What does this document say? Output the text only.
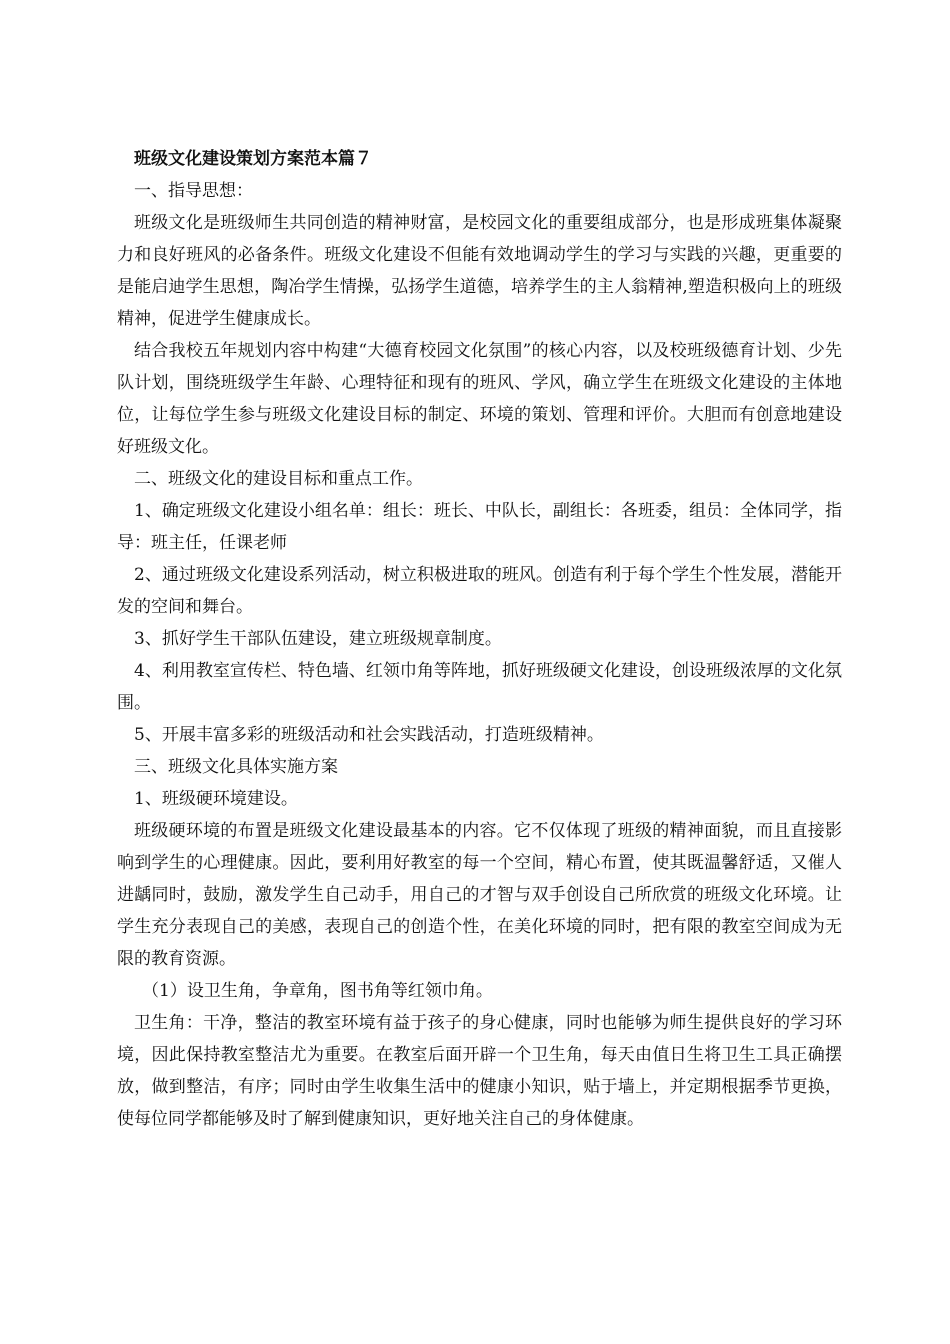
班级文化建设策划方案范本篇７

一、指导思想：

班级文化是班级师生共同创造的精神财富，是校园文化的重要组成部分，也是形成班集体凝聚力和良好班风的必备条件。班级文化建设不但能有效地调动学生的学习与实践的兴趣，更重要的是能启迪学生思想，陶冶学生情操，弘扬学生道德，培养学生的主人翁精神,塑造积极向上的班级精神，促进学生健康成长。

结合我校五年规划内容中构建“大德育校园文化氛围”的核心内容，以及校班级德育计划、少先队计划，围绕班级学生年龄、心理特征和现有的班风、学风，确立学生在班级文化建设的主体地位，让每位学生参与班级文化建设目标的制定、环境的策划、管理和评价。大胆而有创意地建设好班级文化。

二、班级文化的建设目标和重点工作。

1、确定班级文化建设小组名单：组长：班长、中队长，副组长：各班委，组员：全体同学，指导：班主任，任课老师

2、通过班级文化建设系列活动，树立积极进取的班风。创造有利于每个学生个性发展，潜能开发的空间和舞台。

3、抓好学生干部队伍建设，建立班级规章制度。

4、利用教室宣传栏、特色墙、红领巾角等阵地，抓好班级硬文化建设，创设班级浓厚的文化氛围。

5、开展丰富多彩的班级活动和社会实践活动，打造班级精神。

三、班级文化具体实施方案

1、班级硬环境建设。

班级硬环境的布置是班级文化建设最基本的内容。它不仅体现了班级的精神面貌，而且直接影响到学生的心理健康。因此，要利用好教室的每一个空间，精心布置，使其既温馨舒适，又催人进龋同时，鼓励，激发学生自己动手，用自己的才智与双手创设自己所欣赏的班级文化环境。让学生充分表现自己的美感，表现自己的创造个性，在美化环境的同时，把有限的教室空间成为无限的教育资源。

（1）设卫生角，争章角，图书角等红领巾角。

卫生角：干净，整洁的教室环境有益于孩子的身心健康，同时也能够为师生提供良好的学习环境，因此保持教室整洁尤为重要。在教室后面开辟一个卫生角，每天由值日生将卫生工具正确摆放，做到整洁，有序；同时由学生收集生活中的健康小知识，贴于墙上，并定期根据季节更换，使每位同学都能够及时了解到健康知识，更好地关注自己的身体健康。
